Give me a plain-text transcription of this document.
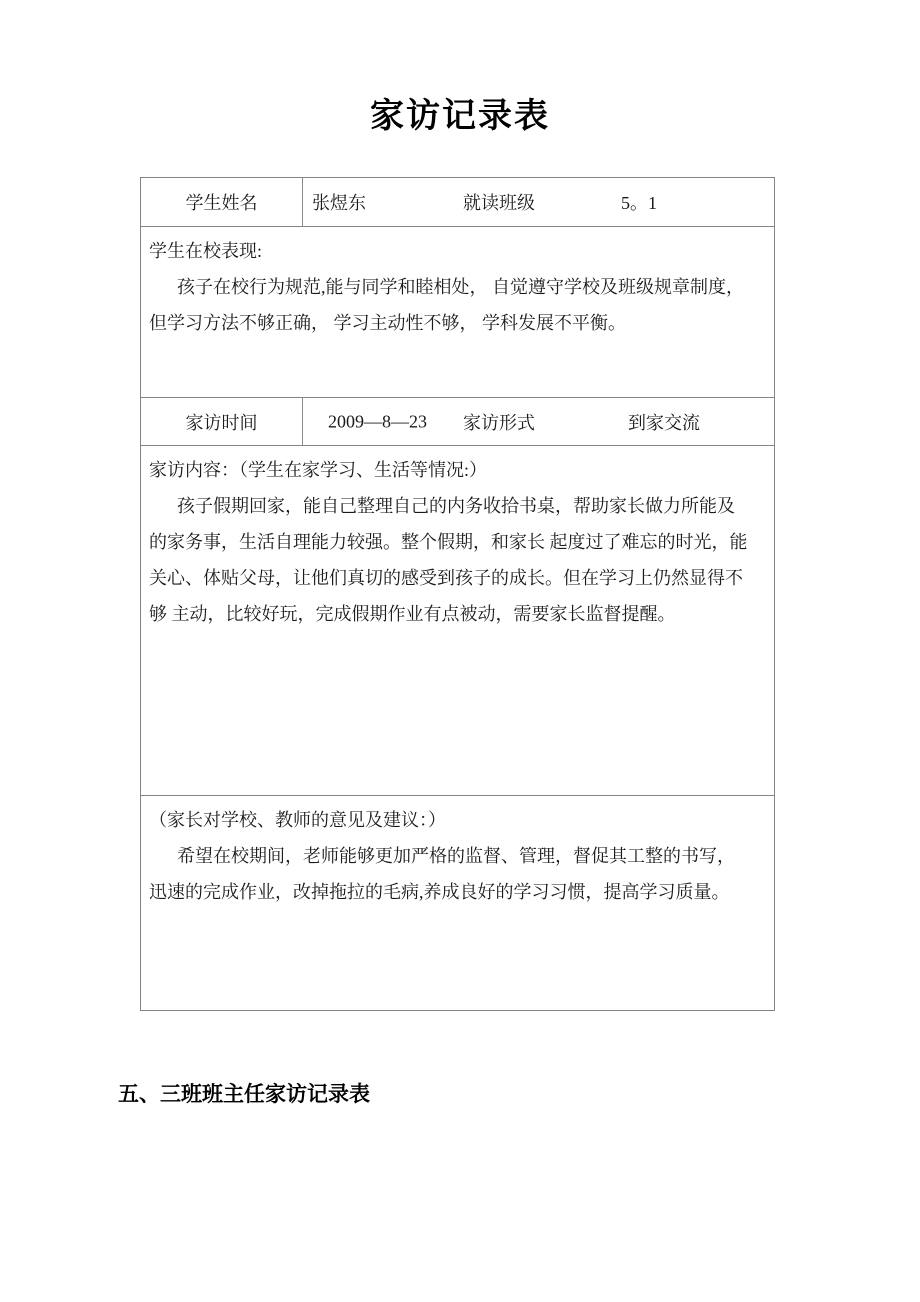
家访记录表
学生姓名	张煜东	就读班级	5。1
学生在校表现:
孩子在校行为规范,能与同学和睦相处， 自觉遵守学校及班级规章制度，
但学习方法不够正确， 学习主动性不够， 学科发展不平衡。
家访时间	2009—8—23 家访形式	到家交流
家访内容：（学生在家学习、生活等情况:）
孩子假期回家，能自己整理自己的内务收拾书桌，帮助家长做力所能及
的家务事，生活自理能力较强。整个假期，和家长 起度过了难忘的时光，能
关心、体贴父母，让他们真切的感受到孩子的成长。但在学习上仍然显得不
够 主动，比较好玩，完成假期作业有点被动，需要家长监督提醒。
（家长对学校、教师的意见及建议：）
希望在校期间，老师能够更加严格的监督、管理，督促其工整的书写，
迅速的完成作业，改掉拖拉的毛病,养成良好的学习习惯，提高学习质量。
五、三班班主任家访记录表
